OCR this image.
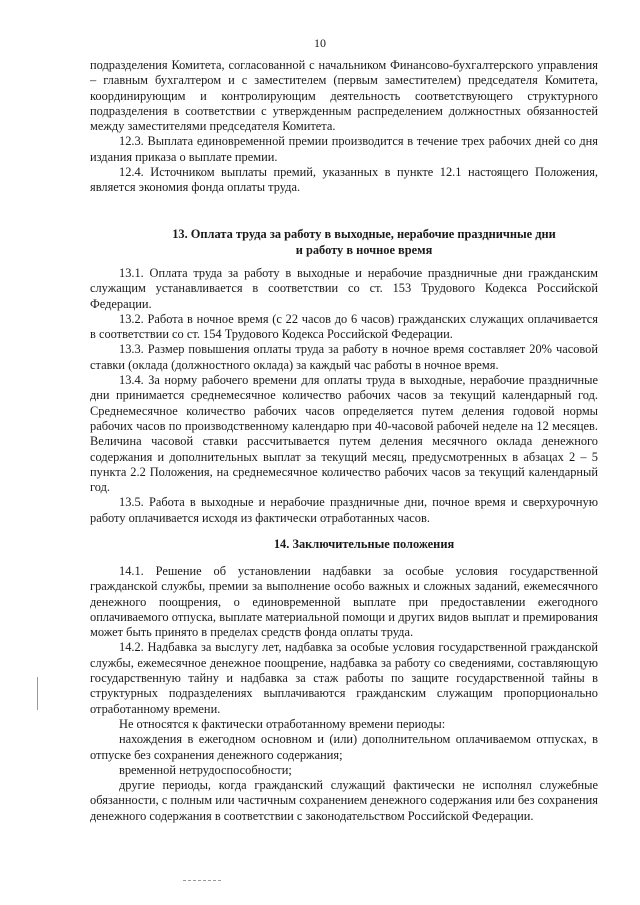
10

подразделения Комитета, согласованной с начальником Финансово-бухгалтерского управления – главным бухгалтером и с заместителем (первым заместителем) председателя Комитета, координирующим и контролирующим деятельность соответствующего структурного подразделения в соответствии с утвержденным распределением должностных обязанностей между заместителями председателя Комитета.

12.3. Выплата единовременной премии производится в течение трех рабочих дней со дня издания приказа о выплате премии.

12.4. Источником выплаты премий, указанных в пункте 12.1 настоящего Положения, является экономия фонда оплаты труда.

13. Оплата труда за работу в выходные, нерабочие праздничные дни
и работу в ночное время

13.1. Оплата труда за работу в выходные и нерабочие праздничные дни гражданским служащим устанавливается в соответствии со ст. 153 Трудового Кодекса Российской Федерации.

13.2. Работа в ночное время (с 22 часов до 6 часов) гражданских служащих оплачивается в соответствии со ст. 154 Трудового Кодекса Российской Федерации.

13.3. Размер повышения оплаты труда за работу в ночное время составляет 20% часовой ставки (оклада (должностного оклада) за каждый час работы в ночное время.

13.4. За норму рабочего времени для оплаты труда в выходные, нерабочие праздничные дни принимается среднемесячное количество рабочих часов за текущий календарный год. Среднемесячное количество рабочих часов определяется путем деления годовой нормы рабочих часов по производственному календарю при 40-часовой рабочей неделе на 12 месяцев. Величина часовой ставки рассчитывается путем деления месячного оклада денежного содержания и дополнительных выплат за текущий месяц, предусмотренных в абзацах 2 – 5 пункта 2.2 Положения, на среднемесячное количество рабочих часов за текущий календарный год.

13.5. Работа в выходные и нерабочие праздничные дни, почное время и сверхурочную работу оплачивается исходя из фактически отработанных часов.

14. Заключительные положения

14.1. Решение об установлении надбавки за особые условия государственной гражданской службы, премии за выполнение особо важных и сложных заданий, ежемесячного денежного поощрения, о единовременной выплате при предоставлении ежегодного оплачиваемого отпуска, выплате материальной помощи и других видов выплат и премирования может быть принято в пределах средств фонда оплаты труда.

14.2. Надбавка за выслугу лет, надбавка за особые условия государственной гражданской службы, ежемесячное денежное поощрение, надбавка за работу со сведениями, составляющую государственную тайну и надбавка за стаж работы по защите государственной тайны в структурных подразделениях выплачиваются гражданским служащим пропорционально отработанному времени.

Не относятся к фактически отработанному времени периоды:

нахождения в ежегодном основном и (или) дополнительном оплачиваемом отпусках, в отпуске без сохранения денежного содержания;

временной нетрудоспособности;

другие периоды, когда гражданский служащий фактически не исполнял служебные обязанности, с полным или частичным сохранением денежного содержания или без сохранения денежного содержания в соответствии с законодательством Российской Федерации.
